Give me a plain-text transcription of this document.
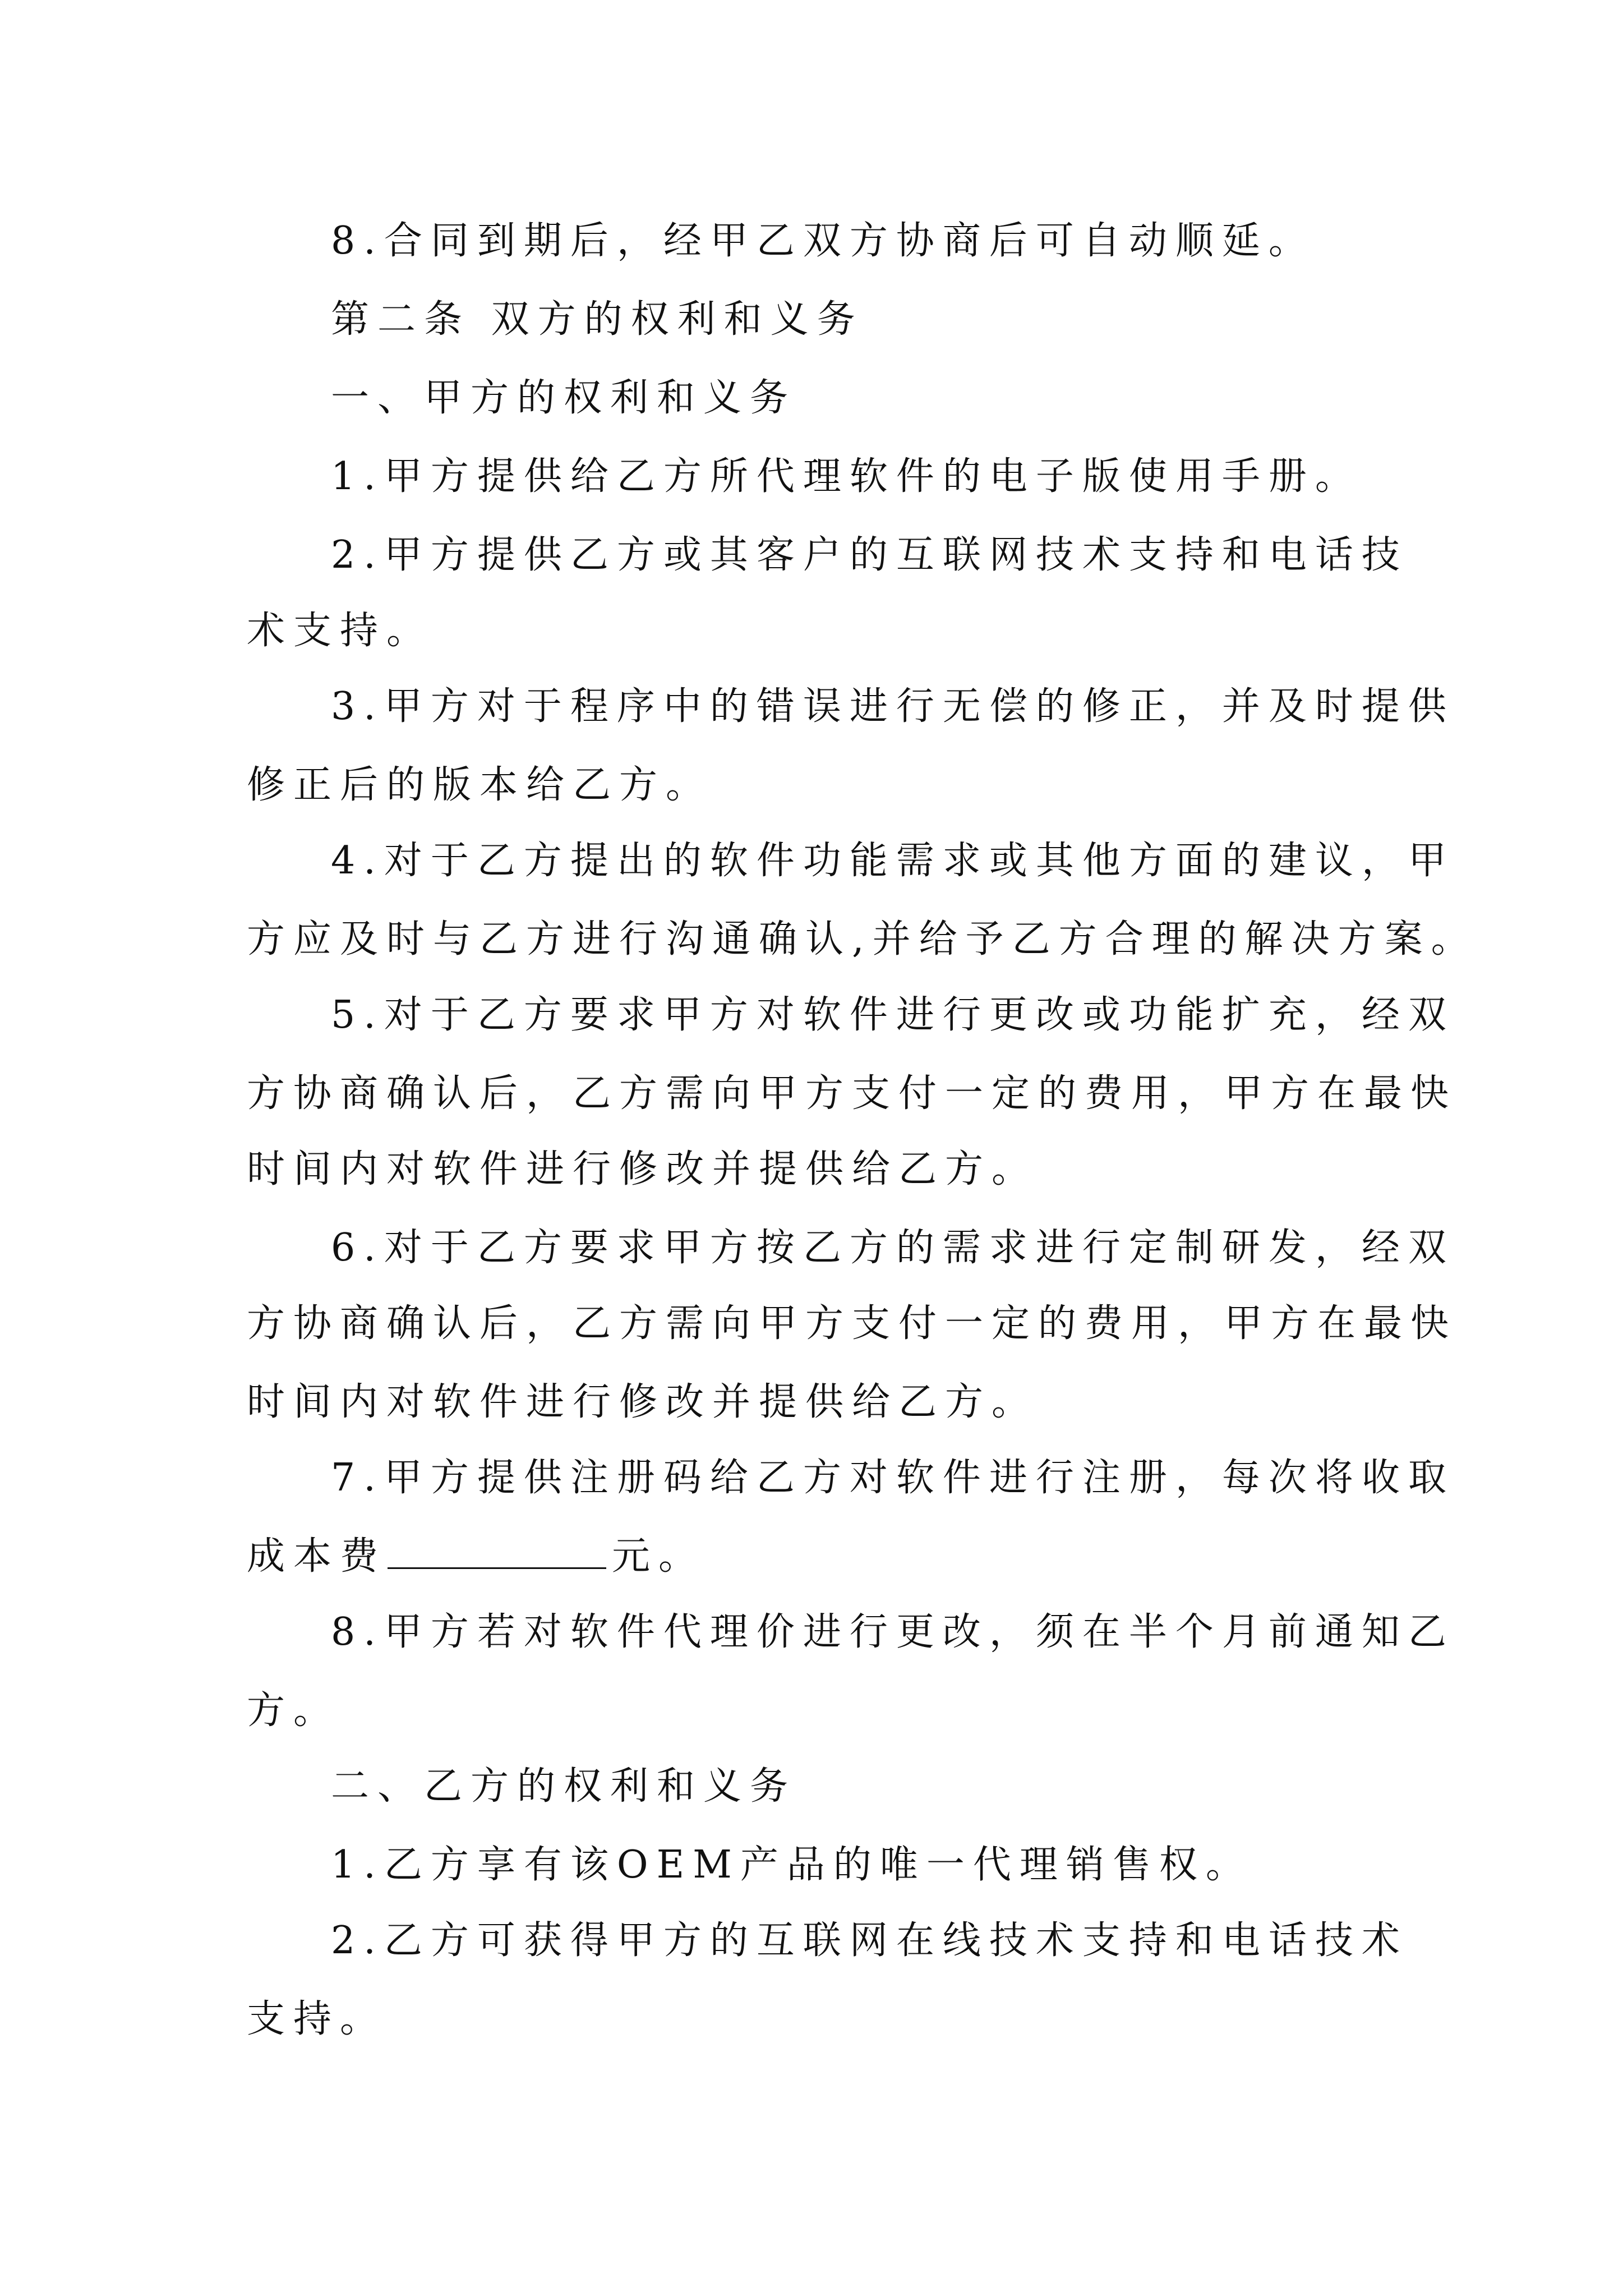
8.合同到期后，经甲乙双方协商后可自动顺延。
第二条 双方的权利和义务
一、甲方的权利和义务
1.甲方提供给乙方所代理软件的电子版使用手册。
2.甲方提供乙方或其客户的互联网技术支持和电话技
术支持。
3.甲方对于程序中的错误进行无偿的修正，并及时提供
修正后的版本给乙方。
4.对于乙方提出的软件功能需求或其他方面的建议，甲
方应及时与乙方进行沟通确认,并给予乙方合理的解决方案。
5.对于乙方要求甲方对软件进行更改或功能扩充，经双
方协商确认后，乙方需向甲方支付一定的费用，甲方在最快
时间内对软件进行修改并提供给乙方。
6.对于乙方要求甲方按乙方的需求进行定制研发，经双
方协商确认后，乙方需向甲方支付一定的费用，甲方在最快
时间内对软件进行修改并提供给乙方。
7.甲方提供注册码给乙方对软件进行注册，每次将收取
成本费	元。
8.甲方若对软件代理价进行更改，须在半个月前通知乙
方。
二、乙方的权利和义务
1.乙方享有该OEM产品的唯一代理销售权。
2.乙方可获得甲方的互联网在线技术支持和电话技术
支持。
